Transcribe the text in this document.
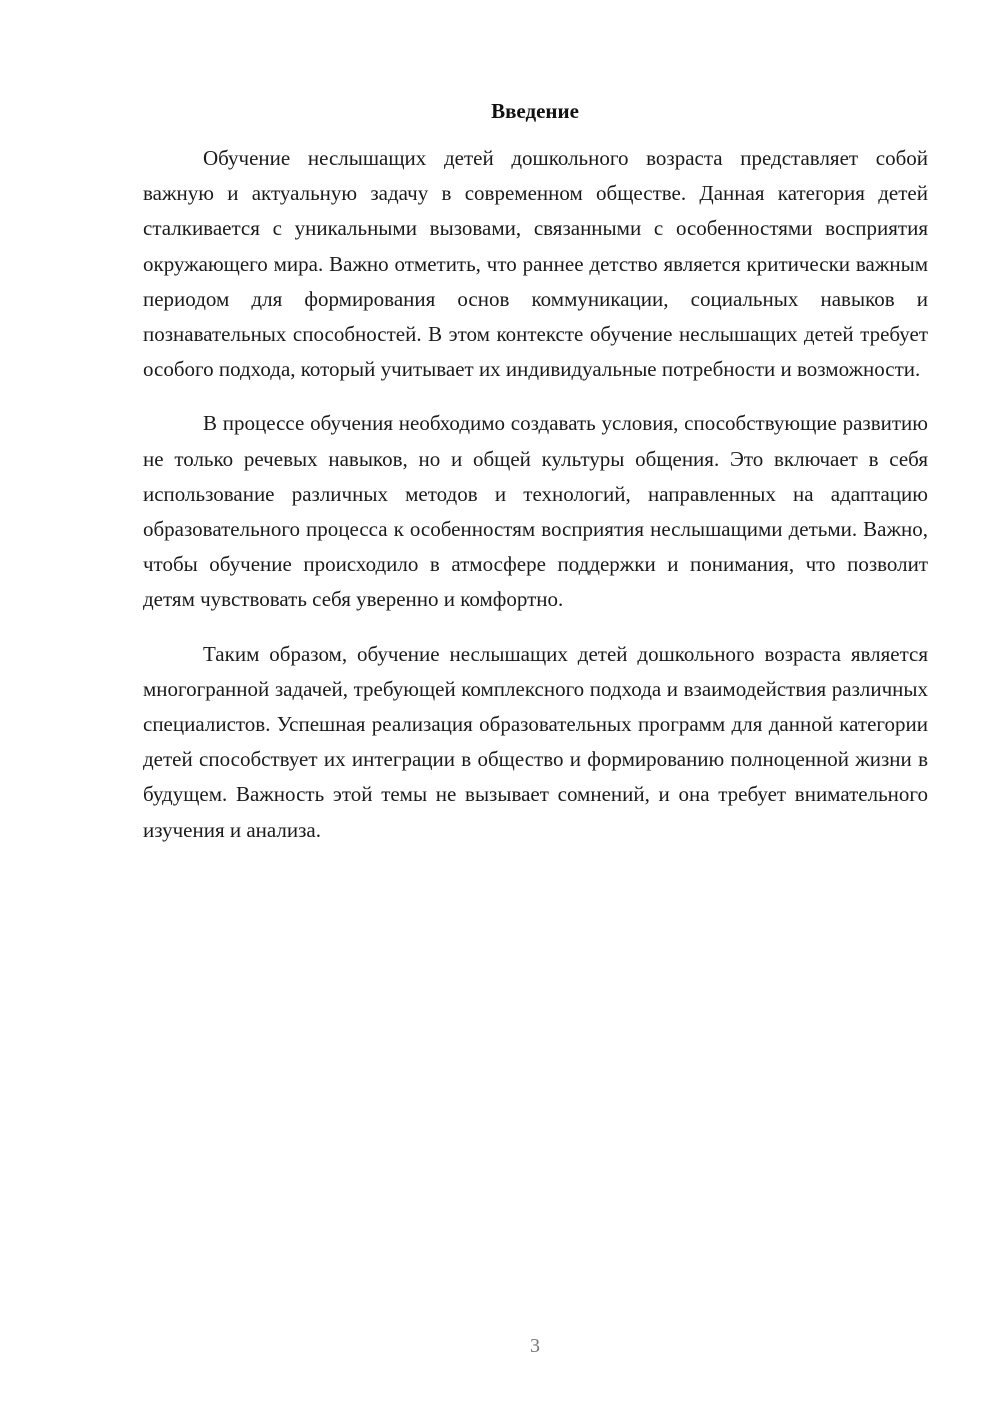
Введение

Обучение неслышащих детей дошкольного возраста представляет собой важную и актуальную задачу в современном обществе. Данная категория детей сталкивается с уникальными вызовами, связанными с особенностями восприятия окружающего мира. Важно отметить, что раннее детство является критически важным периодом для формирования основ коммуникации, социальных навыков и познавательных способностей. В этом контексте обучение неслышащих детей требует особого подхода, который учитывает их индивидуальные потребности и возможности.

В процессе обучения необходимо создавать условия, способствующие развитию не только речевых навыков, но и общей культуры общения. Это включает в себя использование различных методов и технологий, направленных на адаптацию образовательного процесса к особенностям восприятия неслышащими детьми. Важно, чтобы обучение происходило в атмосфере поддержки и понимания, что позволит детям чувствовать себя уверенно и комфортно.

Таким образом, обучение неслышащих детей дошкольного возраста является многогранной задачей, требующей комплексного подхода и взаимодействия различных специалистов. Успешная реализация образовательных программ для данной категории детей способствует их интеграции в общество и формированию полноценной жизни в будущем. Важность этой темы не вызывает сомнений, и она требует внимательного изучения и анализа.

3
